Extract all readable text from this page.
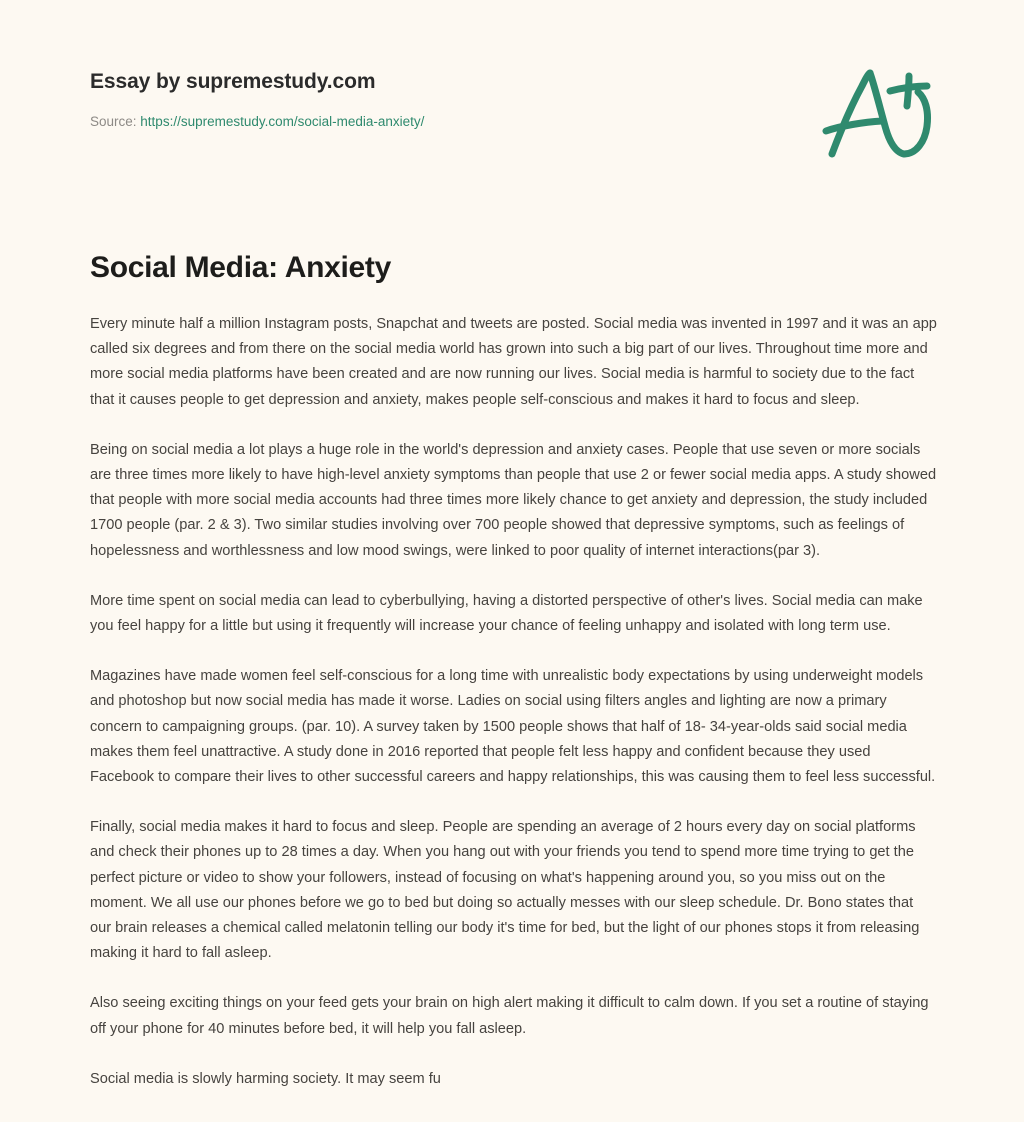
Essay by supremestudy.com
Source: https://supremestudy.com/social-media-anxiety/
Social Media: Anxiety

Every minute half a million Instagram posts, Snapchat and tweets are posted. Social media was invented in 1997 and it was an app called six degrees and from there on the social media world has grown into such a big part of our lives. Throughout time more and more social media platforms have been created and are now running our lives. Social media is harmful to society due to the fact that it causes people to get depression and anxiety, makes people self-conscious and makes it hard to focus and sleep.

Being on social media a lot plays a huge role in the world's depression and anxiety cases. People that use seven or more socials are three times more likely to have high-level anxiety symptoms than people that use 2 or fewer social media apps. A study showed that people with more social media accounts had three times more likely chance to get anxiety and depression, the study included 1700 people (par. 2 & 3). Two similar studies involving over 700 people showed that depressive symptoms, such as feelings of hopelessness and worthlessness and low mood swings, were linked to poor quality of internet interactions(par 3).

More time spent on social media can lead to cyberbullying, having a distorted perspective of other's lives. Social media can make you feel happy for a little but using it frequently will increase your chance of feeling unhappy and isolated with long term use.

Magazines have made women feel self-conscious for a long time with unrealistic body expectations by using underweight models and photoshop but now social media has made it worse. Ladies on social using filters angles and lighting are now a primary concern to campaigning groups. (par. 10). A survey taken by 1500 people shows that half of 18- 34-year-olds said social media makes them feel unattractive. A study done in 2016 reported that people felt less happy and confident because they used Facebook to compare their lives to other successful careers and happy relationships, this was causing them to feel less successful.

Finally, social media makes it hard to focus and sleep. People are spending an average of 2 hours every day on social platforms and check their phones up to 28 times a day. When you hang out with your friends you tend to spend more time trying to get the perfect picture or video to show your followers, instead of focusing on what's happening around you, so you miss out on the moment. We all use our phones before we go to bed but doing so actually messes with our sleep schedule. Dr. Bono states that our brain releases a chemical called melatonin telling our body it's time for bed, but the light of our phones stops it from releasing making it hard to fall asleep.

Also seeing exciting things on your feed gets your brain on high alert making it difficult to calm down. If you set a routine of staying off your phone for 40 minutes before bed, it will help you fall asleep.

Social media is slowly harming society. It may seem fu
